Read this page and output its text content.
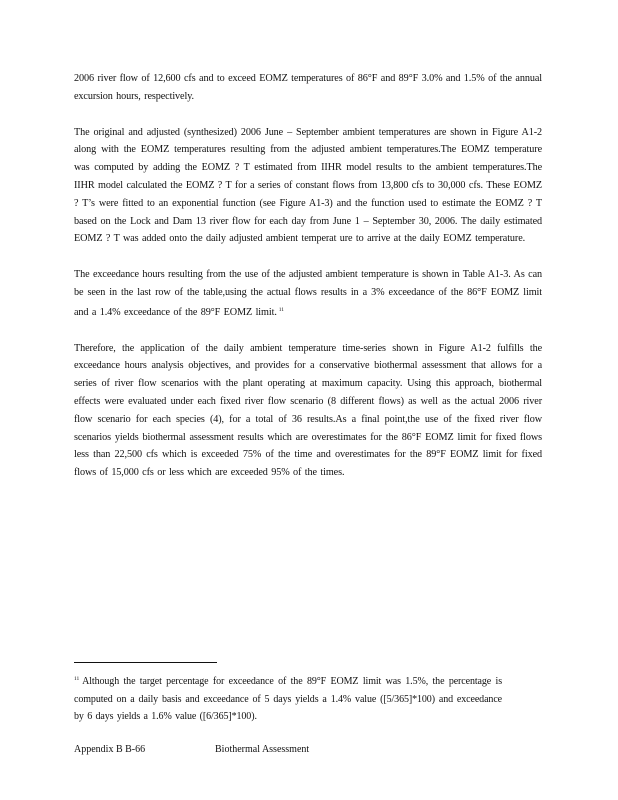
2006 river flow of 12,600 cfs and to exceed EOMZ temperatures of 86°F and 89°F 3.0% and 1.5% of the annual excursion hours, respectively.

The original and adjusted (synthesized) 2006 June – September ambient temperatures are shown in Figure A1-2 along with the EOMZ temperatures resulting from the adjusted ambient temperatures.The EOMZ temperature was computed by adding the EOMZ ? T estimated from IIHR model results to the ambient temperatures.The IIHR model calculated the EOMZ ? T for a series of constant flows from 13,800 cfs to 30,000 cfs. These EOMZ ? T’s were fitted to an exponential function (see Figure A1-3) and the function used to estimate the EOMZ ? T based on the Lock and Dam 13 river flow for each day from June 1 – September 30, 2006. The daily estimated EOMZ ? T was added onto the daily adjusted ambient temperat ure to arrive at the daily EOMZ temperature.

The exceedance hours resulting from the use of the adjusted ambient temperature is shown in Table A1-3. As can be seen in the last row of the table,using the actual flows results in a 3% exceedance of the 86°F EOMZ limit and a 1.4% exceedance of the 89°F EOMZ limit. $^{11}$

Therefore, the application of the daily ambient temperature time-series shown in Figure A1-2 fulfills the exceedance hours analysis objectives, and provides for a conservative biothermal assessment that allows for a series of river flow scenarios with the plant operating at maximum capacity. Using this approach, biothermal effects were evaluated under each fixed river flow scenario (8 different flows) as well as the actual 2006 river flow scenario for each species (4), for a total of 36 results.As a final point,the use of the fixed river flow scenarios yields biothermal assessment results which are overestimates for the 86°F EOMZ limit for fixed flows less than 22,500 cfs which is exceeded 75% of the time and overestimates for the 89°F EOMZ limit for fixed flows of 15,000 cfs or less which are exceeded 95% of the times.

$^{11}$ Although the target percentage for exceedance of the 89°F EOMZ limit was 1.5%, the percentage is computed on a daily basis and exceedance of 5 days yields a 1.4% value ([5/365]*100) and exceedance by 6 days yields a 1.6% value ([6/365]*100).
Appendix B B-66	Biothermal Assessment
